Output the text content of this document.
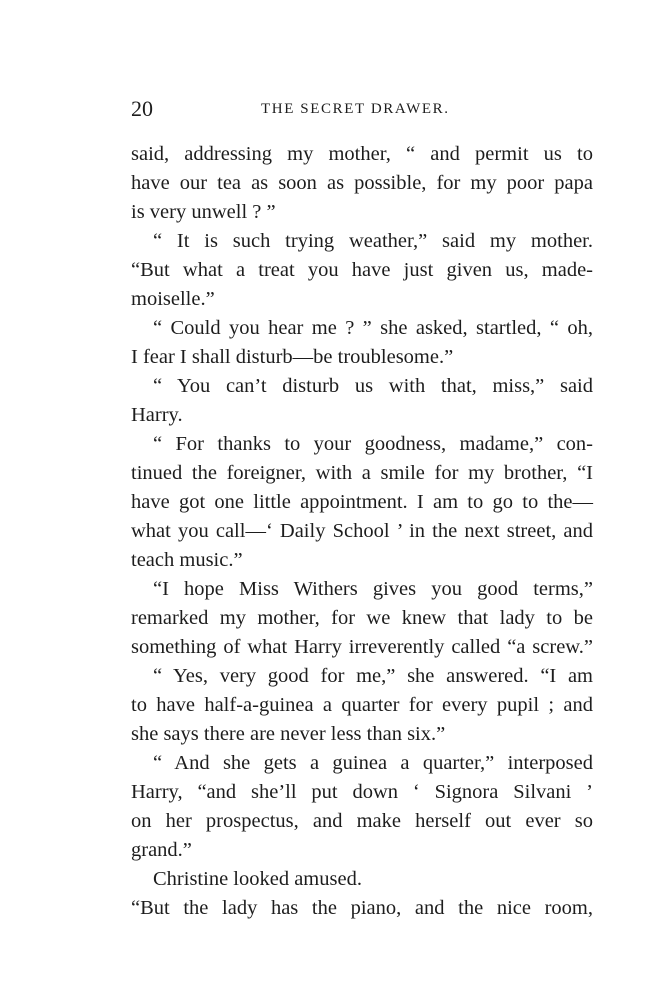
20	THE SECRET DRAWER.
said, addressing my mother, “ and permit us to
have our tea as soon as possible, for my poor papa
is very unwell ? ”
“ It is such trying weather,” said my mother.
“But what a treat you have just given us, made-
moiselle.”
“ Could you hear me ? ” she asked, startled, “ oh,
I fear I shall disturb—be troublesome.”
“ You can’t disturb us with that, miss,” said
Harry.
“ For thanks to your goodness, madame,” con-
tinued the foreigner, with a smile for my brother, “I
have got one little appointment. I am to go to the—
what you call—‘ Daily School ’ in the next street, and
teach music.”
“I hope Miss Withers gives you good terms,”
remarked my mother, for we knew that lady to be
something of what Harry irreverently called “a screw.”
“ Yes, very good for me,” she answered. “I am
to have half-a-guinea a quarter for every pupil ; and
she says there are never less than six.”
“ And she gets a guinea a quarter,” interposed
Harry, “and she’ll put down ‘ Signora Silvani ’
on her prospectus, and make herself out ever so
grand.”
Christine looked amused.
“But the lady has the piano, and the nice room,
